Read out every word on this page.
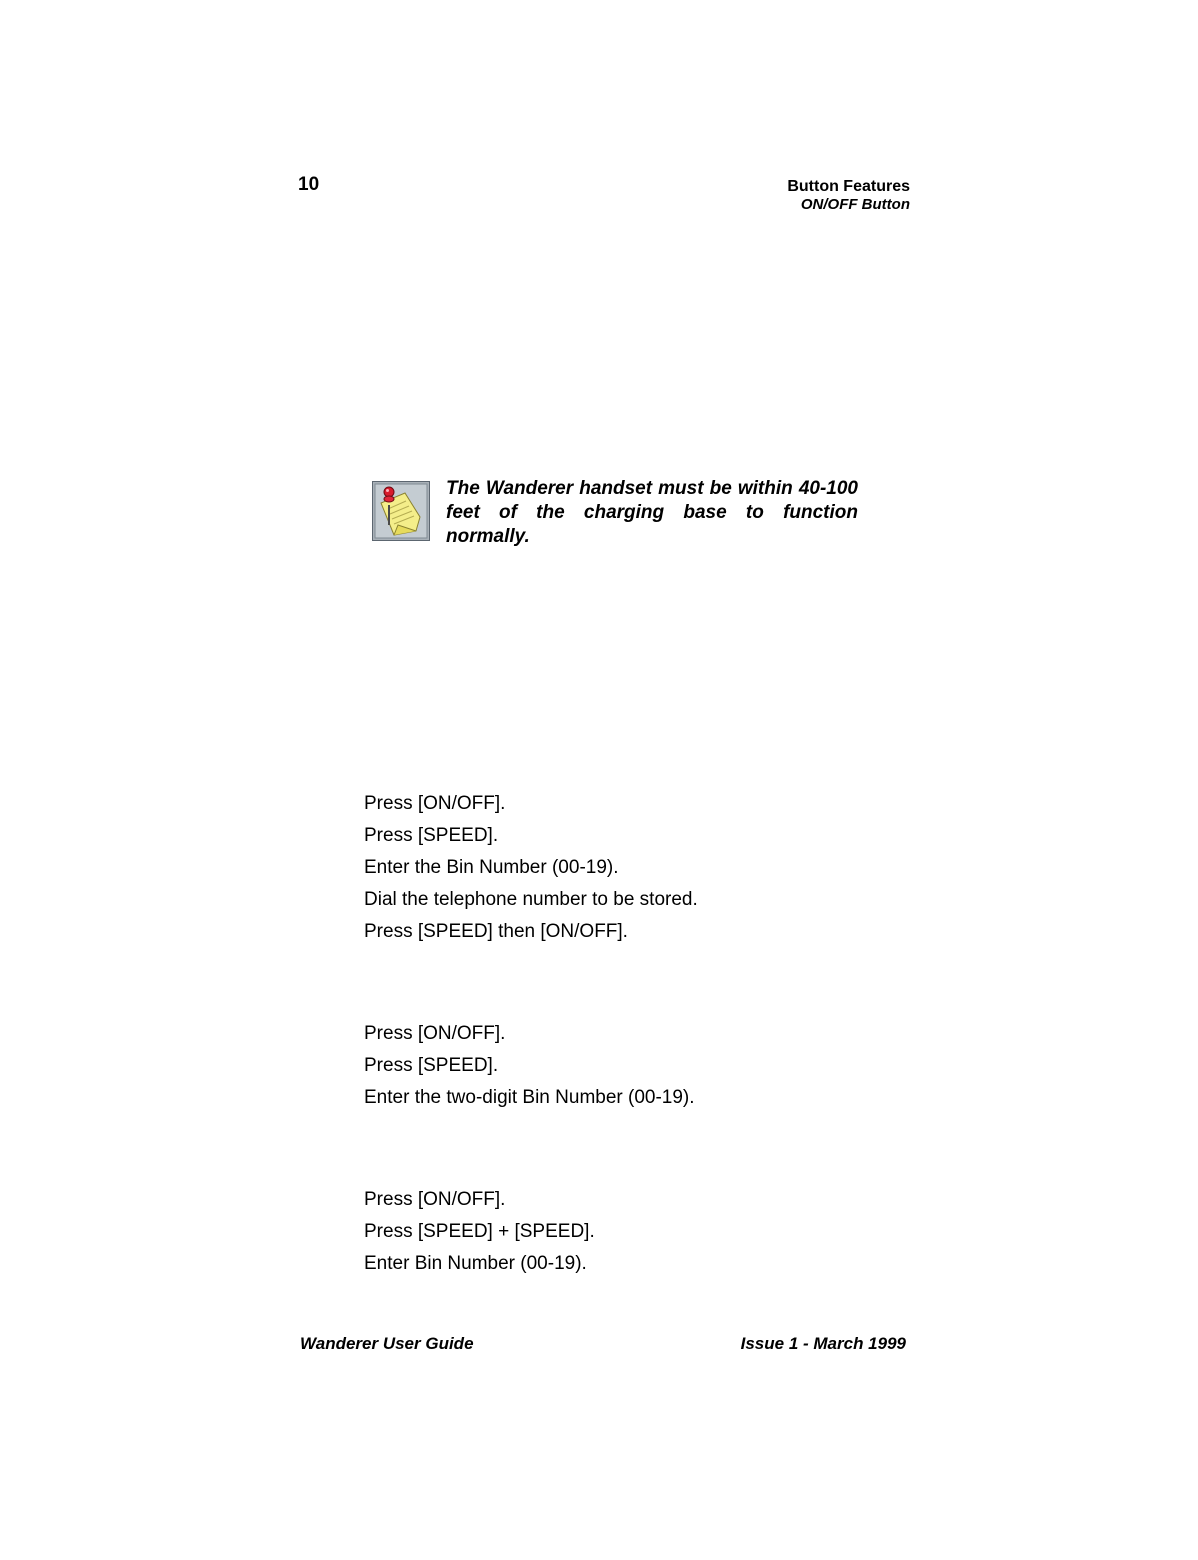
10	Button Features
ON/OFF Button
The Wanderer handset must be within 40-100 feet of the charging base to function normally.
Press [ON/OFF].
Press [SPEED].
Enter the Bin Number (00-19).
Dial the telephone number to be stored.
Press [SPEED] then [ON/OFF].
Press [ON/OFF].
Press [SPEED].
Enter the two-digit Bin Number (00-19).
Press [ON/OFF].
Press [SPEED] + [SPEED].
Enter Bin Number (00-19).
Wanderer User Guide	Issue 1 - March 1999
